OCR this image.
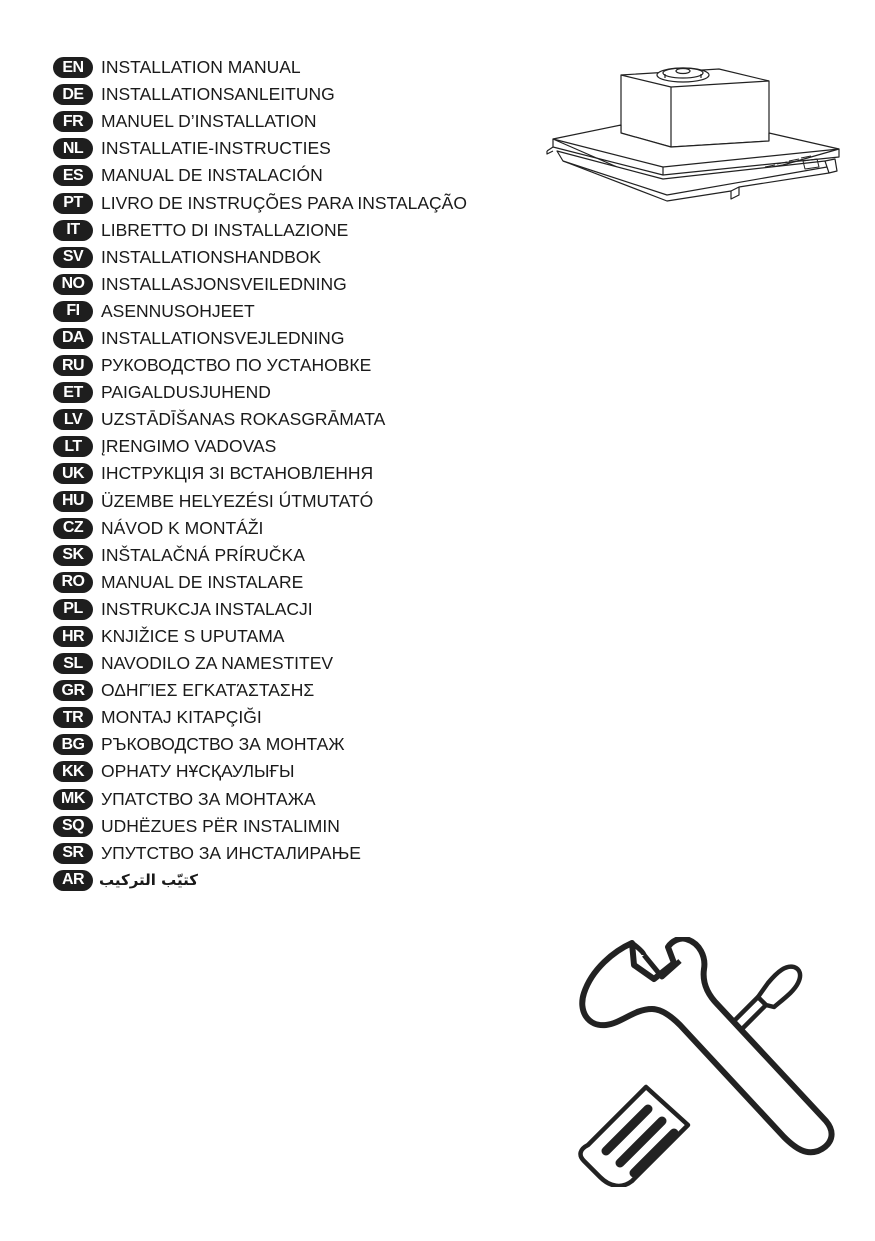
EN INSTALLATION MANUAL
DE INSTALLATIONSANLEITUNG
FR	MANUEL D’INSTALLATION
NL	INSTALLATIE-INSTRUCTIES
ES	MANUAL DE INSTALACIÓN
PT	LIVRO DE INSTRUÇÕES PARA INSTALAÇÃO
IT	LIBRETTO DI INSTALLAZIONE
SV	INSTALLATIONSHANDBOK
NO INSTALLASJONSVEILEDNING
FI	ASENNUSOHJEET
DA INSTALLATIONSVEJLEDNING
RU РУКОВОДСТВО ПО УСТАНОВКЕ
ET	PAIGALDUSJUHEND
LV	UZSTĀDĪŠANAS ROKASGRĀMATA
LT	ĮRENGIMO VADOVAS
UK ІНСТРУКЦІЯ ЗІ ВСТАНОВЛЕННЯ
HU ÜZEMBE HELYEZÉSI ÚTMUTATÓ
CZ	NÁVOD K MONTÁŽI
SK INŠTALAČNÁ PRÍRUČKA
RO MANUAL DE INSTALARE
PL	INSTRUKCJA INSTALACJI
HR KNJIŽICE S UPUTAMA
SL	NAVODILO ZA NAMESTITEV
GR ΟΔΗΓΊΕΣ ΕΓΚΑΤΆΣΤΑΣΗΣ
TR	MONTAJ KITAPÇIĞI
BG РЪКОВОДСТВО ЗА МОНТАЖ
KK ОРНАТУ НҰСҚАУЛЫҒЫ
MK УПАТСТВО ЗА МОНТАЖА
SQ UDHËZUES PËR INSTALIMIN
SR УПУТСТВО ЗА ИНСТАЛИРАЊЕ
AR كتيّب التركيب
